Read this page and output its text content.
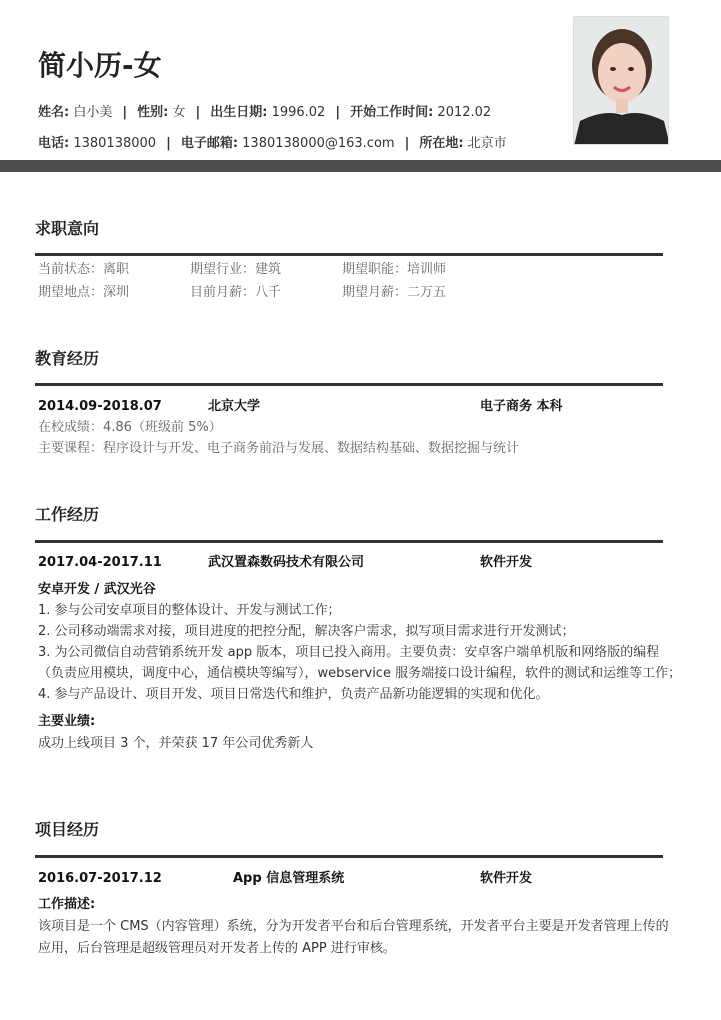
简小历-女
姓名: 白小美 | 性别: 女 | 出生日期: 1996.02 | 开始工作时间: 2012.02
电话: 1380138000 | 电子邮箱: 1380138000@163.com | 所在地: 北京市
求职意向
当前状态：离职	期望行业：建筑	期望职能：培训师
期望地点：深圳	目前月薪：八千	期望月薪：二万五
教育经历
2014.09-2018.07	北京大学	电子商务 本科
在校成绩：4.86（班级前 5%）
主要课程：程序设计与开发、电子商务前沿与发展、数据结构基础、数据挖掘与统计
工作经历
2017.04-2017.11	武汉置森数码技术有限公司	软件开发
安卓开发 / 武汉光谷
1. 参与公司安卓项目的整体设计、开发与测试工作；
2. 公司移动端需求对接，项目进度的把控分配，解决客户需求，拟写项目需求进行开发测试；
3. 为公司微信自动营销系统开发 app 版本，项目已投入商用。主要负责：安卓客户端单机版和网络版的编程
（负责应用模块，调度中心，通信模块等编写），webservice 服务端接口设计编程，软件的测试和运维等工作；
4. 参与产品设计、项目开发、项目日常迭代和维护，负责产品新功能逻辑的实现和优化。
主要业绩:
成功上线项目 3 个，并荣获 17 年公司优秀新人
项目经历
2016.07-2017.12	App 信息管理系统	软件开发
工作描述:
该项目是一个 CMS（内容管理）系统，分为开发者平台和后台管理系统，开发者平台主要是开发者管理上传的
应用，后台管理是超级管理员对开发者上传的 APP 进行审核。
